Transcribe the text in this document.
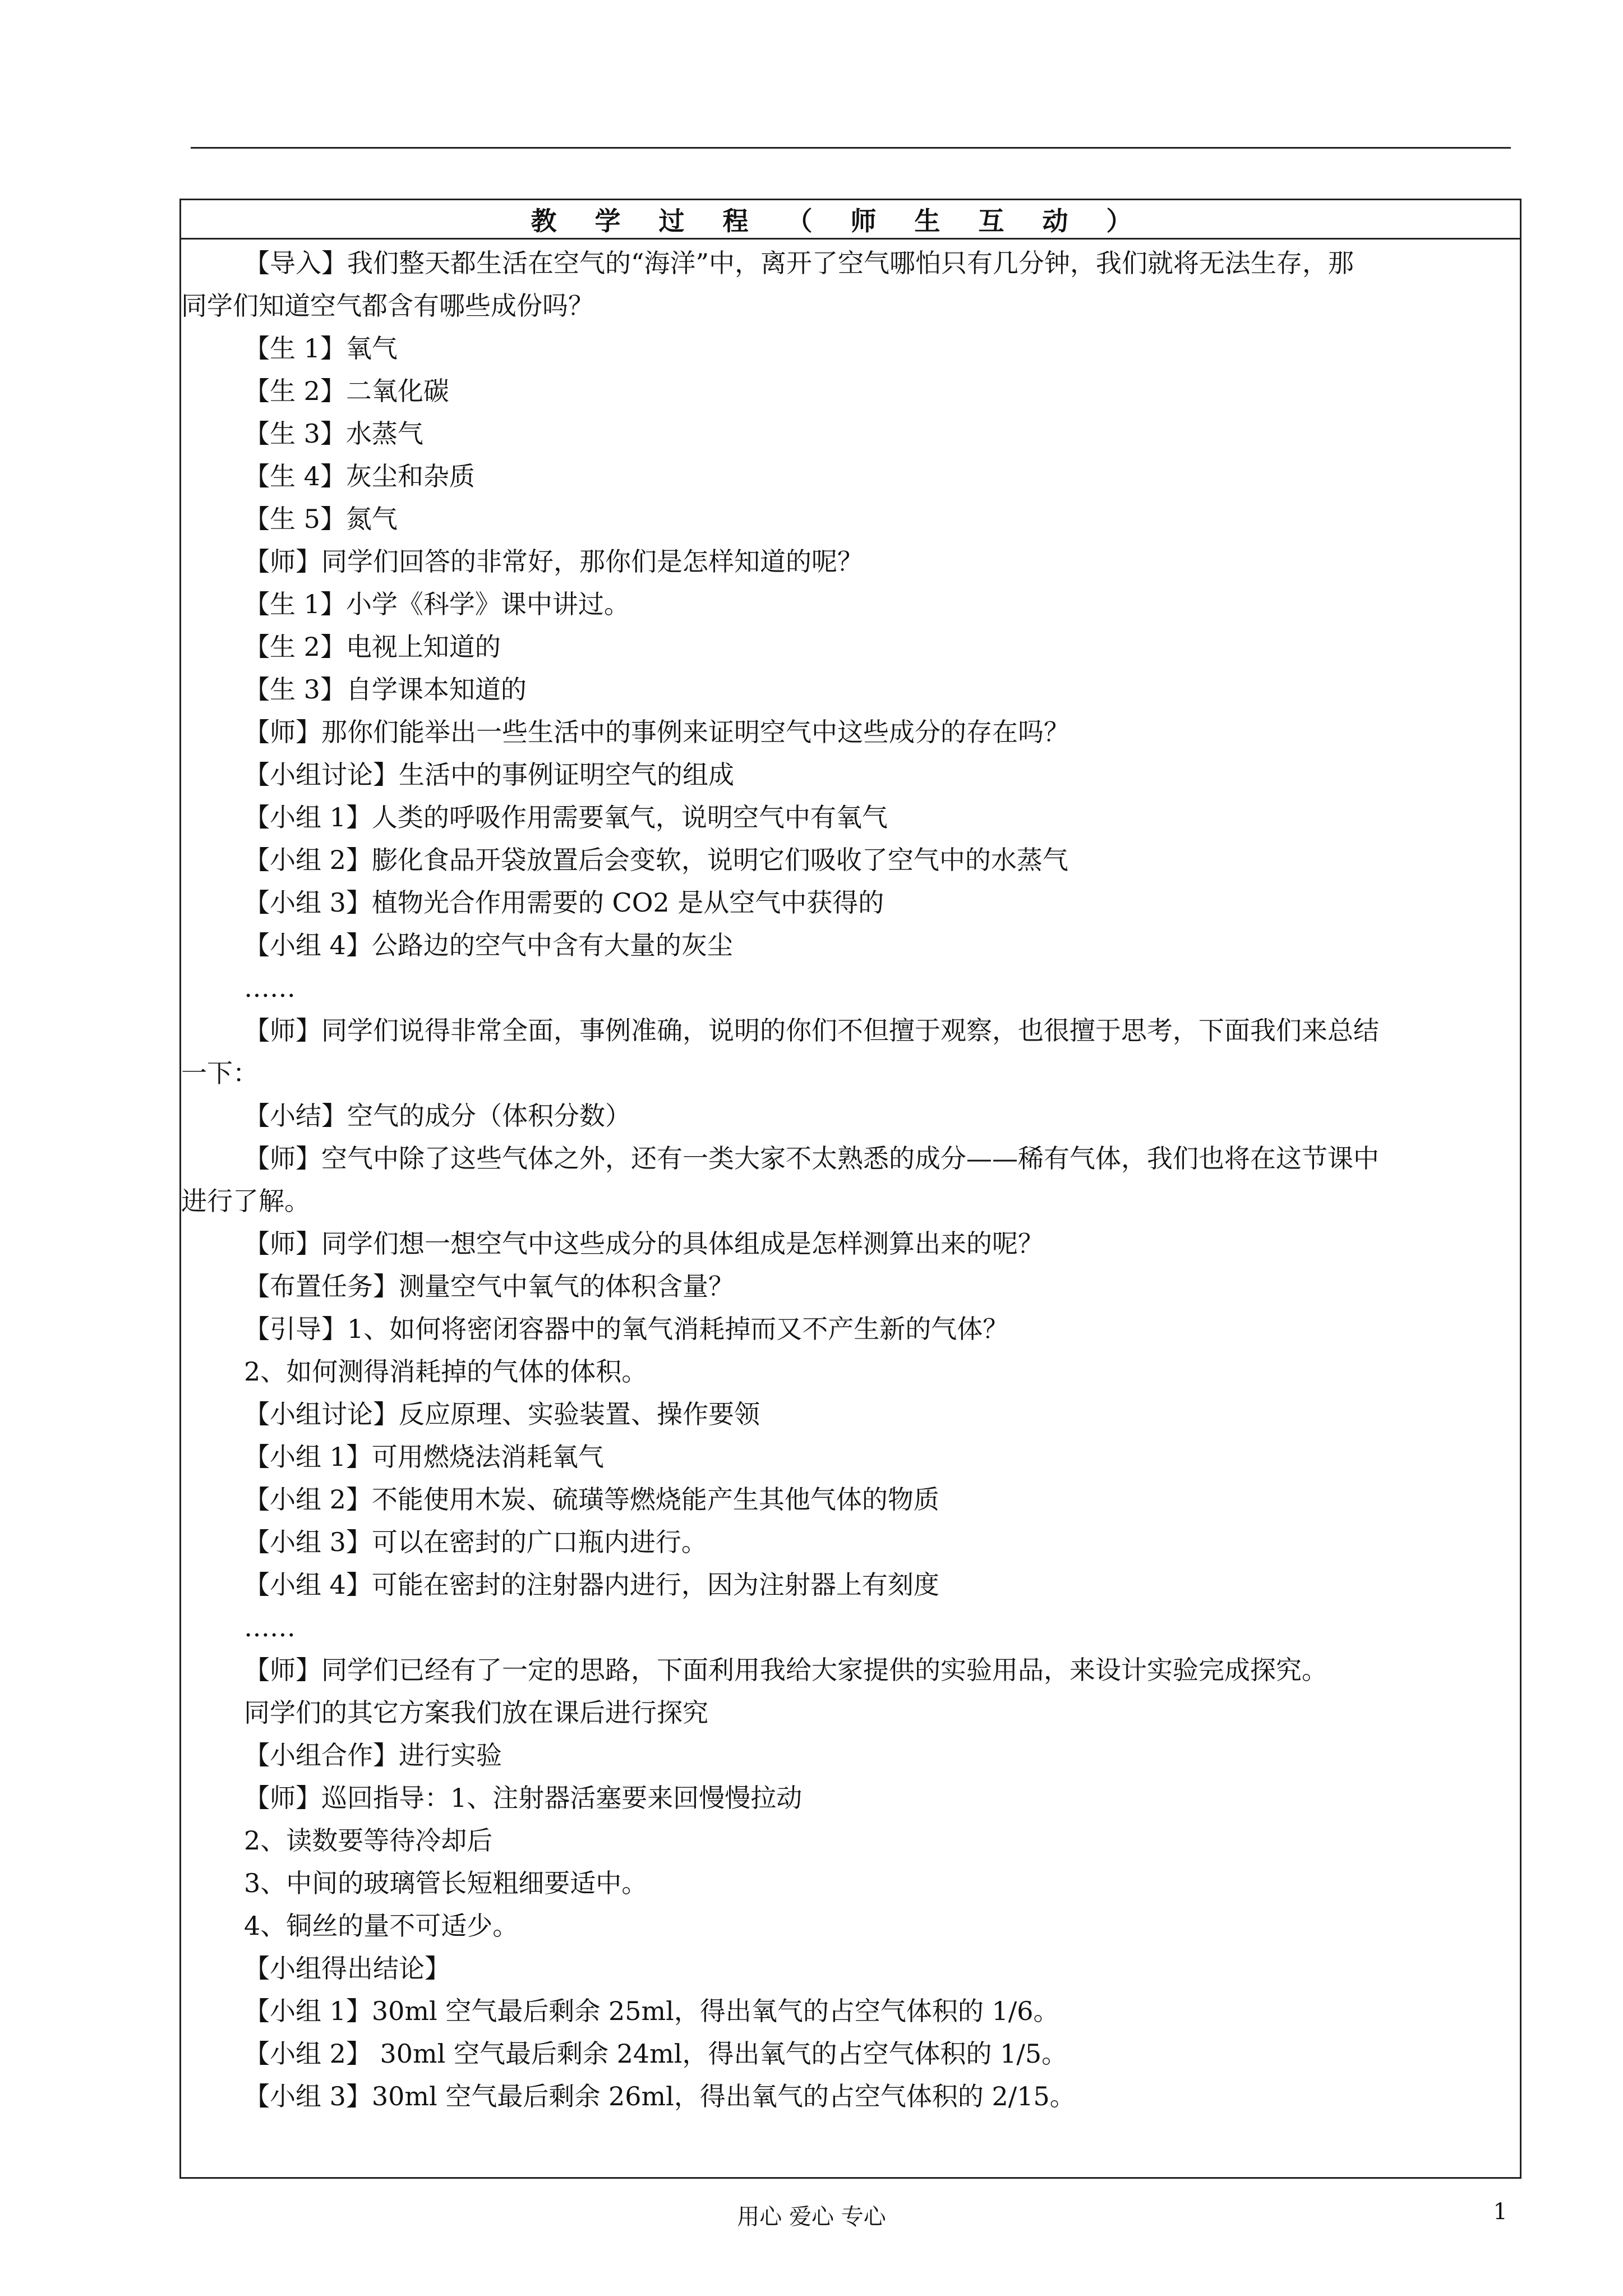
教学过程（师生互动）
【导入】我们整天都生活在空气的“海洋”中，离开了空气哪怕只有几分钟，我们就将无法生存，那
同学们知道空气都含有哪些成份吗？
【生 1】氧气
【生 2】二氧化碳
【生 3】水蒸气
【生 4】灰尘和杂质
【生 5】氮气
【师】同学们回答的非常好，那你们是怎样知道的呢？
【生 1】小学《科学》课中讲过。
【生 2】电视上知道的
【生 3】自学课本知道的
【师】那你们能举出一些生活中的事例来证明空气中这些成分的存在吗？
【小组讨论】生活中的事例证明空气的组成
【小组 1】人类的呼吸作用需要氧气，说明空气中有氧气
【小组 2】膨化食品开袋放置后会变软，说明它们吸收了空气中的水蒸气
【小组 3】植物光合作用需要的 CO2 是从空气中获得的
【小组 4】公路边的空气中含有大量的灰尘
……
【师】同学们说得非常全面，事例准确，说明的你们不但擅于观察，也很擅于思考，下面我们来总结
一下：
【小结】空气的成分（体积分数）
【师】空气中除了这些气体之外，还有一类大家不太熟悉的成分——稀有气体，我们也将在这节课中
进行了解。
【师】同学们想一想空气中这些成分的具体组成是怎样测算出来的呢？
【布置任务】测量空气中氧气的体积含量？
【引导】1、如何将密闭容器中的氧气消耗掉而又不产生新的气体？
2、如何测得消耗掉的气体的体积。
【小组讨论】反应原理、实验装置、操作要领
【小组 1】可用燃烧法消耗氧气
【小组 2】不能使用木炭、硫璜等燃烧能产生其他气体的物质
【小组 3】可以在密封的广口瓶内进行。
【小组 4】可能在密封的注射器内进行，因为注射器上有刻度
……
【师】同学们已经有了一定的思路，下面利用我给大家提供的实验用品，来设计实验完成探究。
同学们的其它方案我们放在课后进行探究
【小组合作】进行实验
【师】巡回指导：1、注射器活塞要来回慢慢拉动
2、读数要等待冷却后
3、中间的玻璃管长短粗细要适中。
4、铜丝的量不可适少。
【小组得出结论】
【小组 1】30ml 空气最后剩余 25ml，得出氧气的占空气体积的 1/6。
【小组 2】 30ml 空气最后剩余 24ml，得出氧气的占空气体积的 1/5。
【小组 3】30ml 空气最后剩余 26ml，得出氧气的占空气体积的 2/15。
用心 爱心 专心	1
